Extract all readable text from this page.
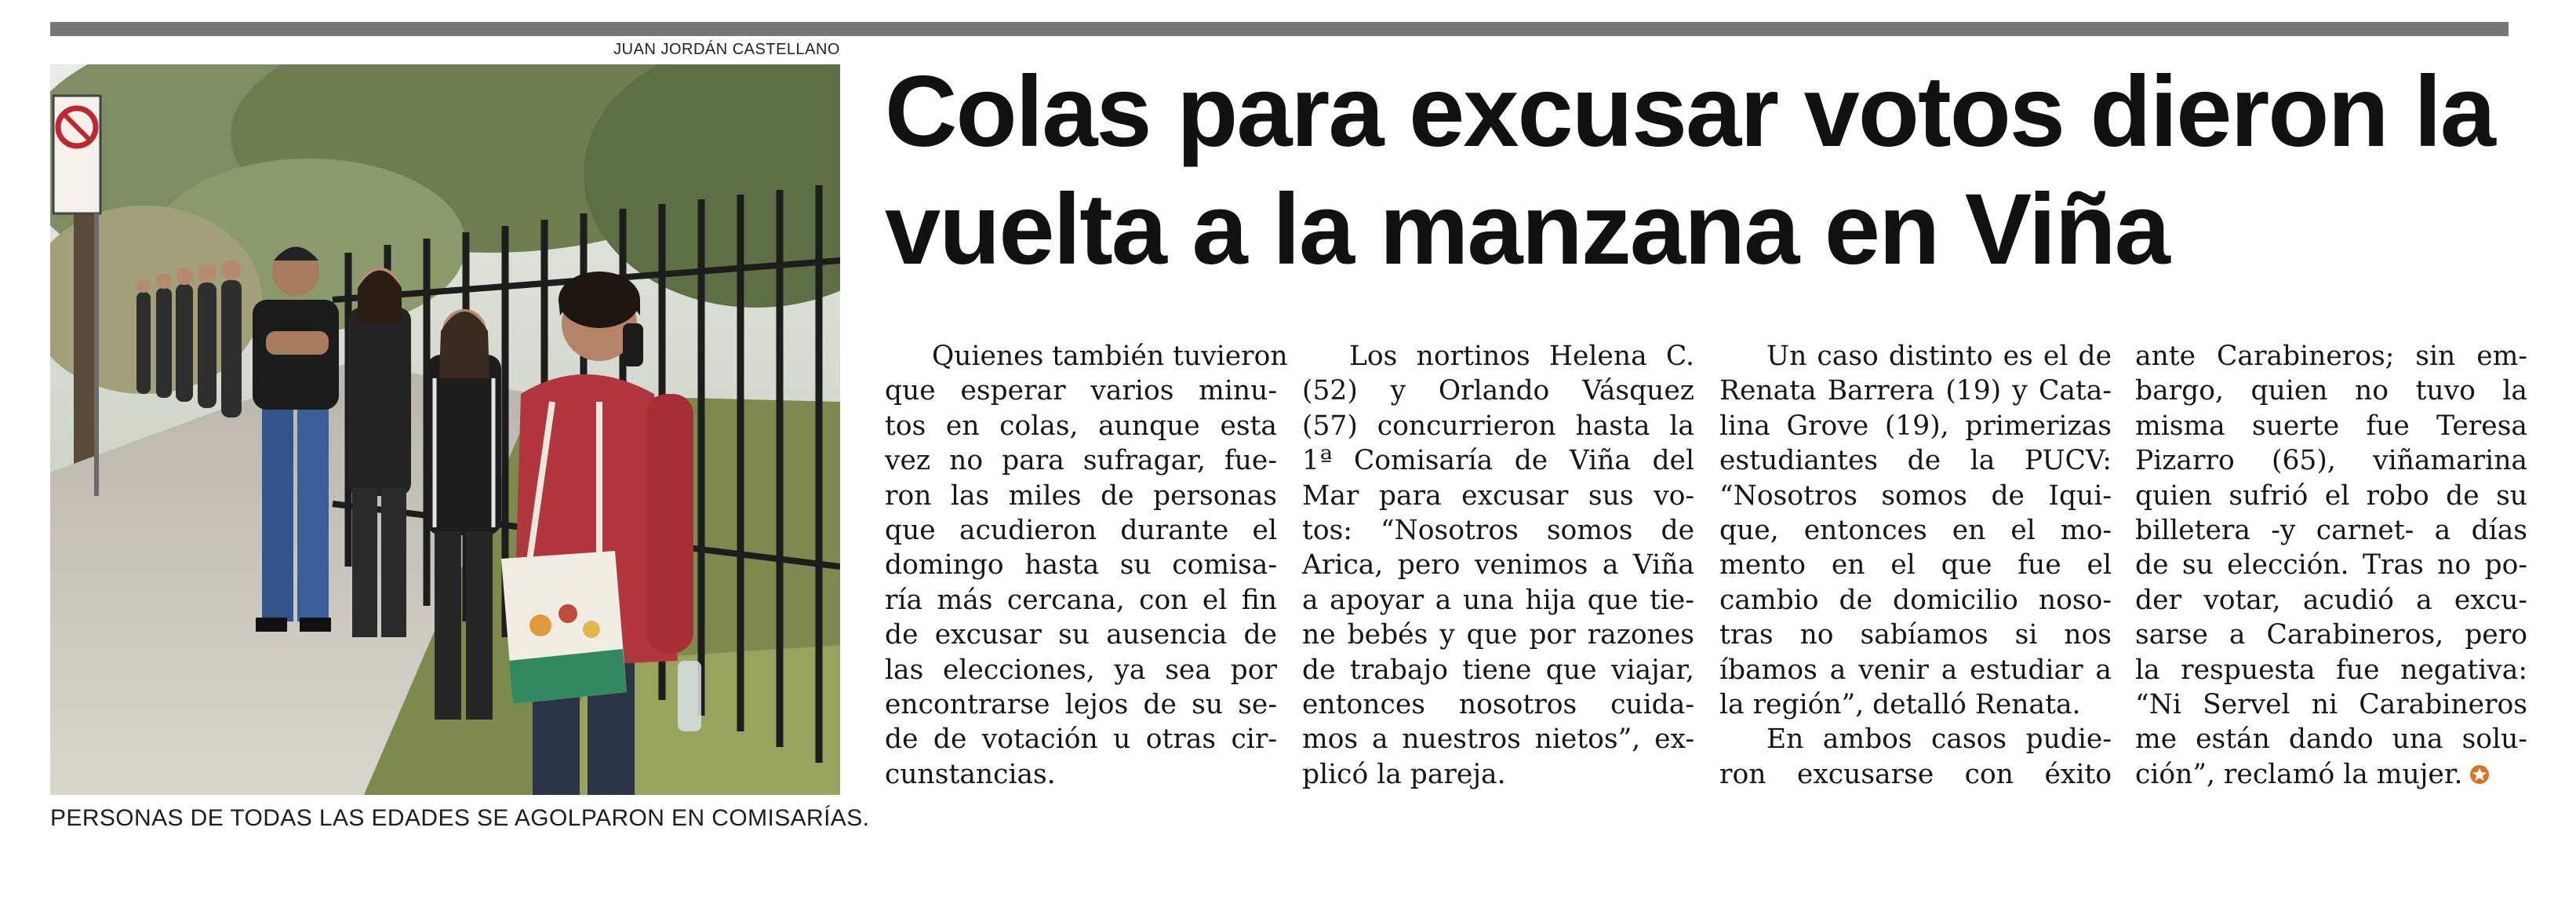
JUAN JORDÁN CASTELLANO
PERSONAS DE TODAS LAS EDADES SE AGOLPARON EN COMISARÍAS.
Colas para excusar votos dieron la
vuelta a la manzana en Viña
Quienes también tuvieron
que esperar varios minu-
tos en colas, aunque esta
vez no para sufragar, fue-
ron las miles de personas
que acudieron durante el
domingo hasta su comisa-
ría más cercana, con el fin
de excusar su ausencia de
las elecciones, ya sea por
encontrarse lejos de su se-
de de votación u otras cir-
cunstancias.
Los nortinos Helena C.
(52) y Orlando Vásquez
(57) concurrieron hasta la
1ª Comisaría de Viña del
Mar para excusar sus vo-
tos: “Nosotros somos de
Arica, pero venimos a Viña
a apoyar a una hija que tie-
ne bebés y que por razones
de trabajo tiene que viajar,
entonces nosotros cuida-
mos a nuestros nietos”, ex-
plicó la pareja.
Un caso distinto es el de
Renata Barrera (19) y Cata-
lina Grove (19), primerizas
estudiantes de la PUCV:
“Nosotros somos de Iqui-
que, entonces en el mo-
mento en el que fue el
cambio de domicilio noso-
tras no sabíamos si nos
íbamos a venir a estudiar a
la región”, detalló Renata.
En ambos casos pudie-
ron excusarse con éxito
ante Carabineros; sin em-
bargo, quien no tuvo la
misma suerte fue Teresa
Pizarro (65), viñamarina
quien sufrió el robo de su
billetera -y carnet- a días
de su elección. Tras no po-
der votar, acudió a excu-
sarse a Carabineros, pero
la respuesta fue negativa:
“Ni Servel ni Carabineros
me están dando una solu-
ción”, reclamó la mujer.
